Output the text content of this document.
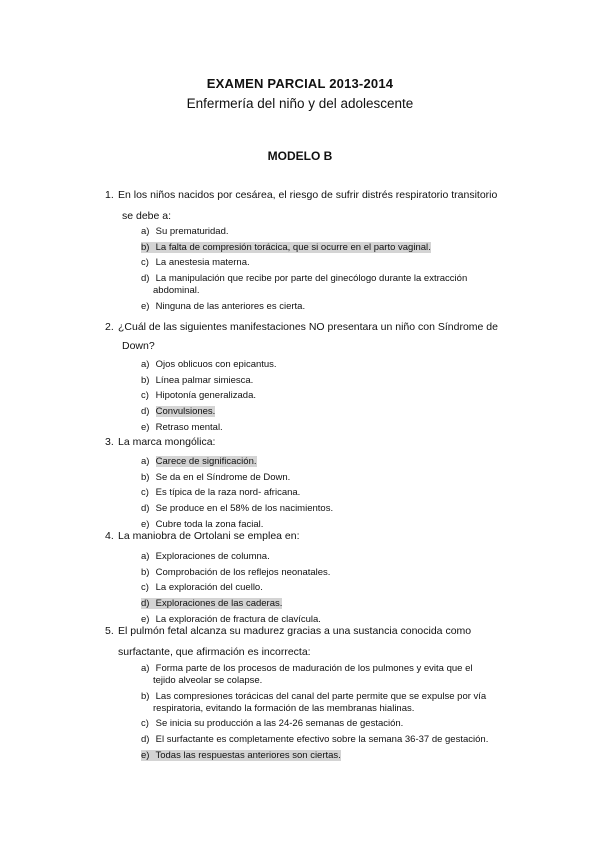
EXAMEN PARCIAL 2013-2014
Enfermería del niño y del adolescente
MODELO B
1. En los niños nacidos por cesárea, el riesgo de sufrir distrés respiratorio transitorio
se debe a:
a) Su prematuridad.
b) La falta de compresión torácica, que si ocurre en el parto vaginal.
c) La anestesia materna.
d) La manipulación que recibe por parte del ginecólogo durante la extracción
abdominal.
e) Ninguna de las anteriores es cierta.
2. ¿Cuál de las siguientes manifestaciones NO presentara un niño con Síndrome de
Down?
a) Ojos oblicuos con epicantus.
b) Línea palmar simiesca.
c) Hipotonía generalizada.
d) Convulsiones.
e) Retraso mental.
3. La marca mongólica:
a) Carece de significación.
b) Se da en el Síndrome de Down.
c) Es típica de la raza nord- africana.
d) Se produce en el 58% de los nacimientos.
e) Cubre toda la zona facial.
4. La maniobra de Ortolani se emplea en:
a) Exploraciones de columna.
b) Comprobación de los reflejos neonatales.
c) La exploración del cuello.
d) Exploraciones de las caderas.
e) La exploración de fractura de clavícula.
5. El pulmón fetal alcanza su madurez gracias a una sustancia conocida como
surfactante, que afirmación es incorrecta:
a) Forma parte de los procesos de maduración de los pulmones y evita que el
tejido alveolar se colapse.
b) Las compresiones torácicas del canal del parte permite que se expulse por vía
respiratoria, evitando la formación de las membranas hialinas.
c) Se inicia su producción a las 24-26 semanas de gestación.
d) El surfactante es completamente efectivo sobre la semana 36-37 de gestación.
e) Todas las respuestas anteriores son ciertas.
